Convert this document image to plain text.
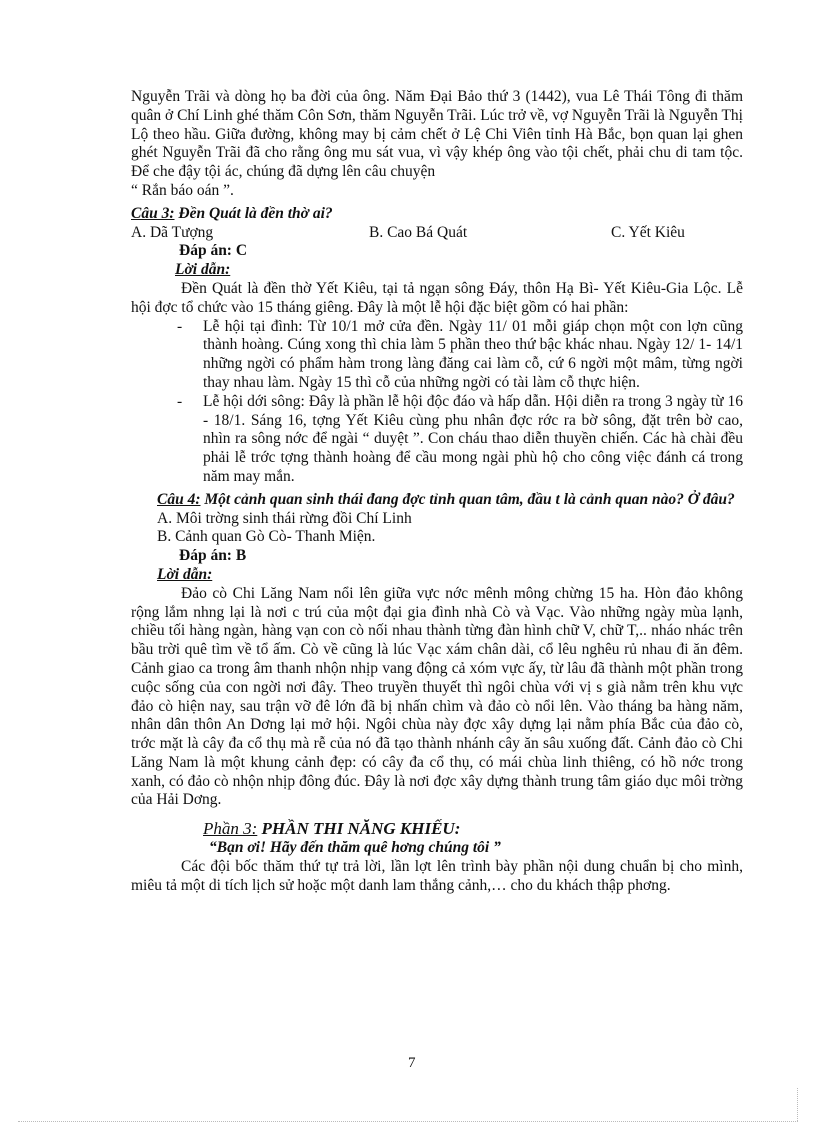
Nguyễn Trãi và dòng họ ba đời của ông. Năm Đại Bảo thứ 3 (1442), vua Lê Thái Tông đi thăm quân ở Chí Linh ghé thăm Côn Sơn, thăm Nguyễn Trãi. Lúc trở về, vợ Nguyễn Trãi là Nguyễn Thị Lộ theo hầu. Giữa đường, không may bị cảm chết ở Lệ Chi Viên tỉnh Hà Bắc, bọn quan lại ghen ghét Nguyễn Trãi đã cho rằng ông mu sát vua, vì vậy khép ông vào tội chết, phải chu di tam tộc. Để che đậy tội ác, chúng đã dựng lên câu chuyện

“ Rắn báo oán ”.

Câu 3: Đền Quát là đền thờ ai?

A. Dã Tượng	B. Cao Bá Quát	C. Yết Kiêu

Đáp án: C

Lời dẫn:

Đền Quát là đền thờ Yết Kiêu, tại tả ngạn sông Đáy, thôn Hạ Bì- Yết Kiêu-Gia Lộc. Lễ hội đợc tổ chức vào 15 tháng giêng. Đây là một lễ hội đặc biệt gồm có hai phần:

-	Lễ hội tại đình: Từ 10/1 mở cửa đền. Ngày 11/ 01 mỗi giáp chọn một con lợn cũng thành hoàng. Cúng xong thì chia làm 5 phần theo thứ bậc khác nhau. Ngày 12/ 1- 14/1 những ngời có phẩm hàm trong làng đăng cai làm cỗ, cứ 6 ngời một mâm, từng ngời thay nhau làm. Ngày 15 thì cỗ của những ngời có tài làm cỗ thực hiện.
-	Lễ hội dới sông: Đây là phần lễ hội độc đáo và hấp dẫn. Hội diễn ra trong 3 ngày từ 16 - 18/1. Sáng 16, tợng Yết Kiêu cùng phu nhân đợc rớc ra bờ sông, đặt trên bờ cao, nhìn ra sông nớc để ngài “ duyệt ”. Con cháu thao diễn thuyền chiến. Các hà chài đều phải lễ trớc tợng thành hoàng để cầu mong ngài phù hộ cho công việc đánh cá trong năm may mắn.

Câu 4: Một cảnh quan sinh thái đang đợc tỉnh quan tâm, đầu t là cảnh quan nào? Ở đâu?

A. Môi trờng sinh thái rừng đồi Chí Linh

B. Cảnh quan Gò Cò- Thanh Miện.

Đáp án: B

Lời dẫn:

Đảo cò Chi Lăng Nam nổi lên giữa vực nớc mênh mông chừng 15 ha. Hòn đảo không rộng lắm nhng lại là nơi c trú của một đại gia đình nhà Cò và Vạc. Vào những ngày mùa lạnh, chiều tối hàng ngàn, hàng vạn con cò nối nhau thành từng đàn hình chữ V, chữ T,.. nháo nhác trên bầu trời quê tìm về tổ ấm. Cò về cũng là lúc Vạc xám chân dài, cổ lêu nghêu rủ nhau đi ăn đêm. Cảnh giao ca trong âm thanh nhộn nhịp vang động cả xóm vực ấy, từ lâu đã thành một phần trong cuộc sống của con ngời nơi đây. Theo truyền thuyết thì ngôi chùa với vị s già nằm trên khu vực đảo cò hiện nay, sau trận vỡ đê lớn đã bị nhấn chìm và đảo cò nổi lên. Vào tháng ba hàng năm, nhân dân thôn An Dơng lại mở hội. Ngôi chùa này đợc xây dựng lại nằm phía Bắc của đảo cò, trớc mặt là cây đa cổ thụ mà rễ của nó đã tạo thành nhánh cây ăn sâu xuống đất. Cảnh đảo cò Chi Lăng Nam là một khung cảnh đẹp: có cây đa cổ thụ, có mái chùa linh thiêng, có hồ nớc trong xanh, có đảo cò nhộn nhịp đông đúc. Đây là nơi đợc xây dựng thành trung tâm giáo dục môi trờng của Hải Dơng.

Phần 3: PHẦN THI NĂNG KHIẾU:

“Bạn ơi! Hãy đến thăm quê hơng chúng tôi ”

Các đội bốc thăm thứ tự trả lời, lần lợt lên trình bày phần nội dung chuẩn bị cho mình, miêu tả một di tích lịch sử hoặc một danh lam thắng cảnh,… cho du khách thập phơng.

7
